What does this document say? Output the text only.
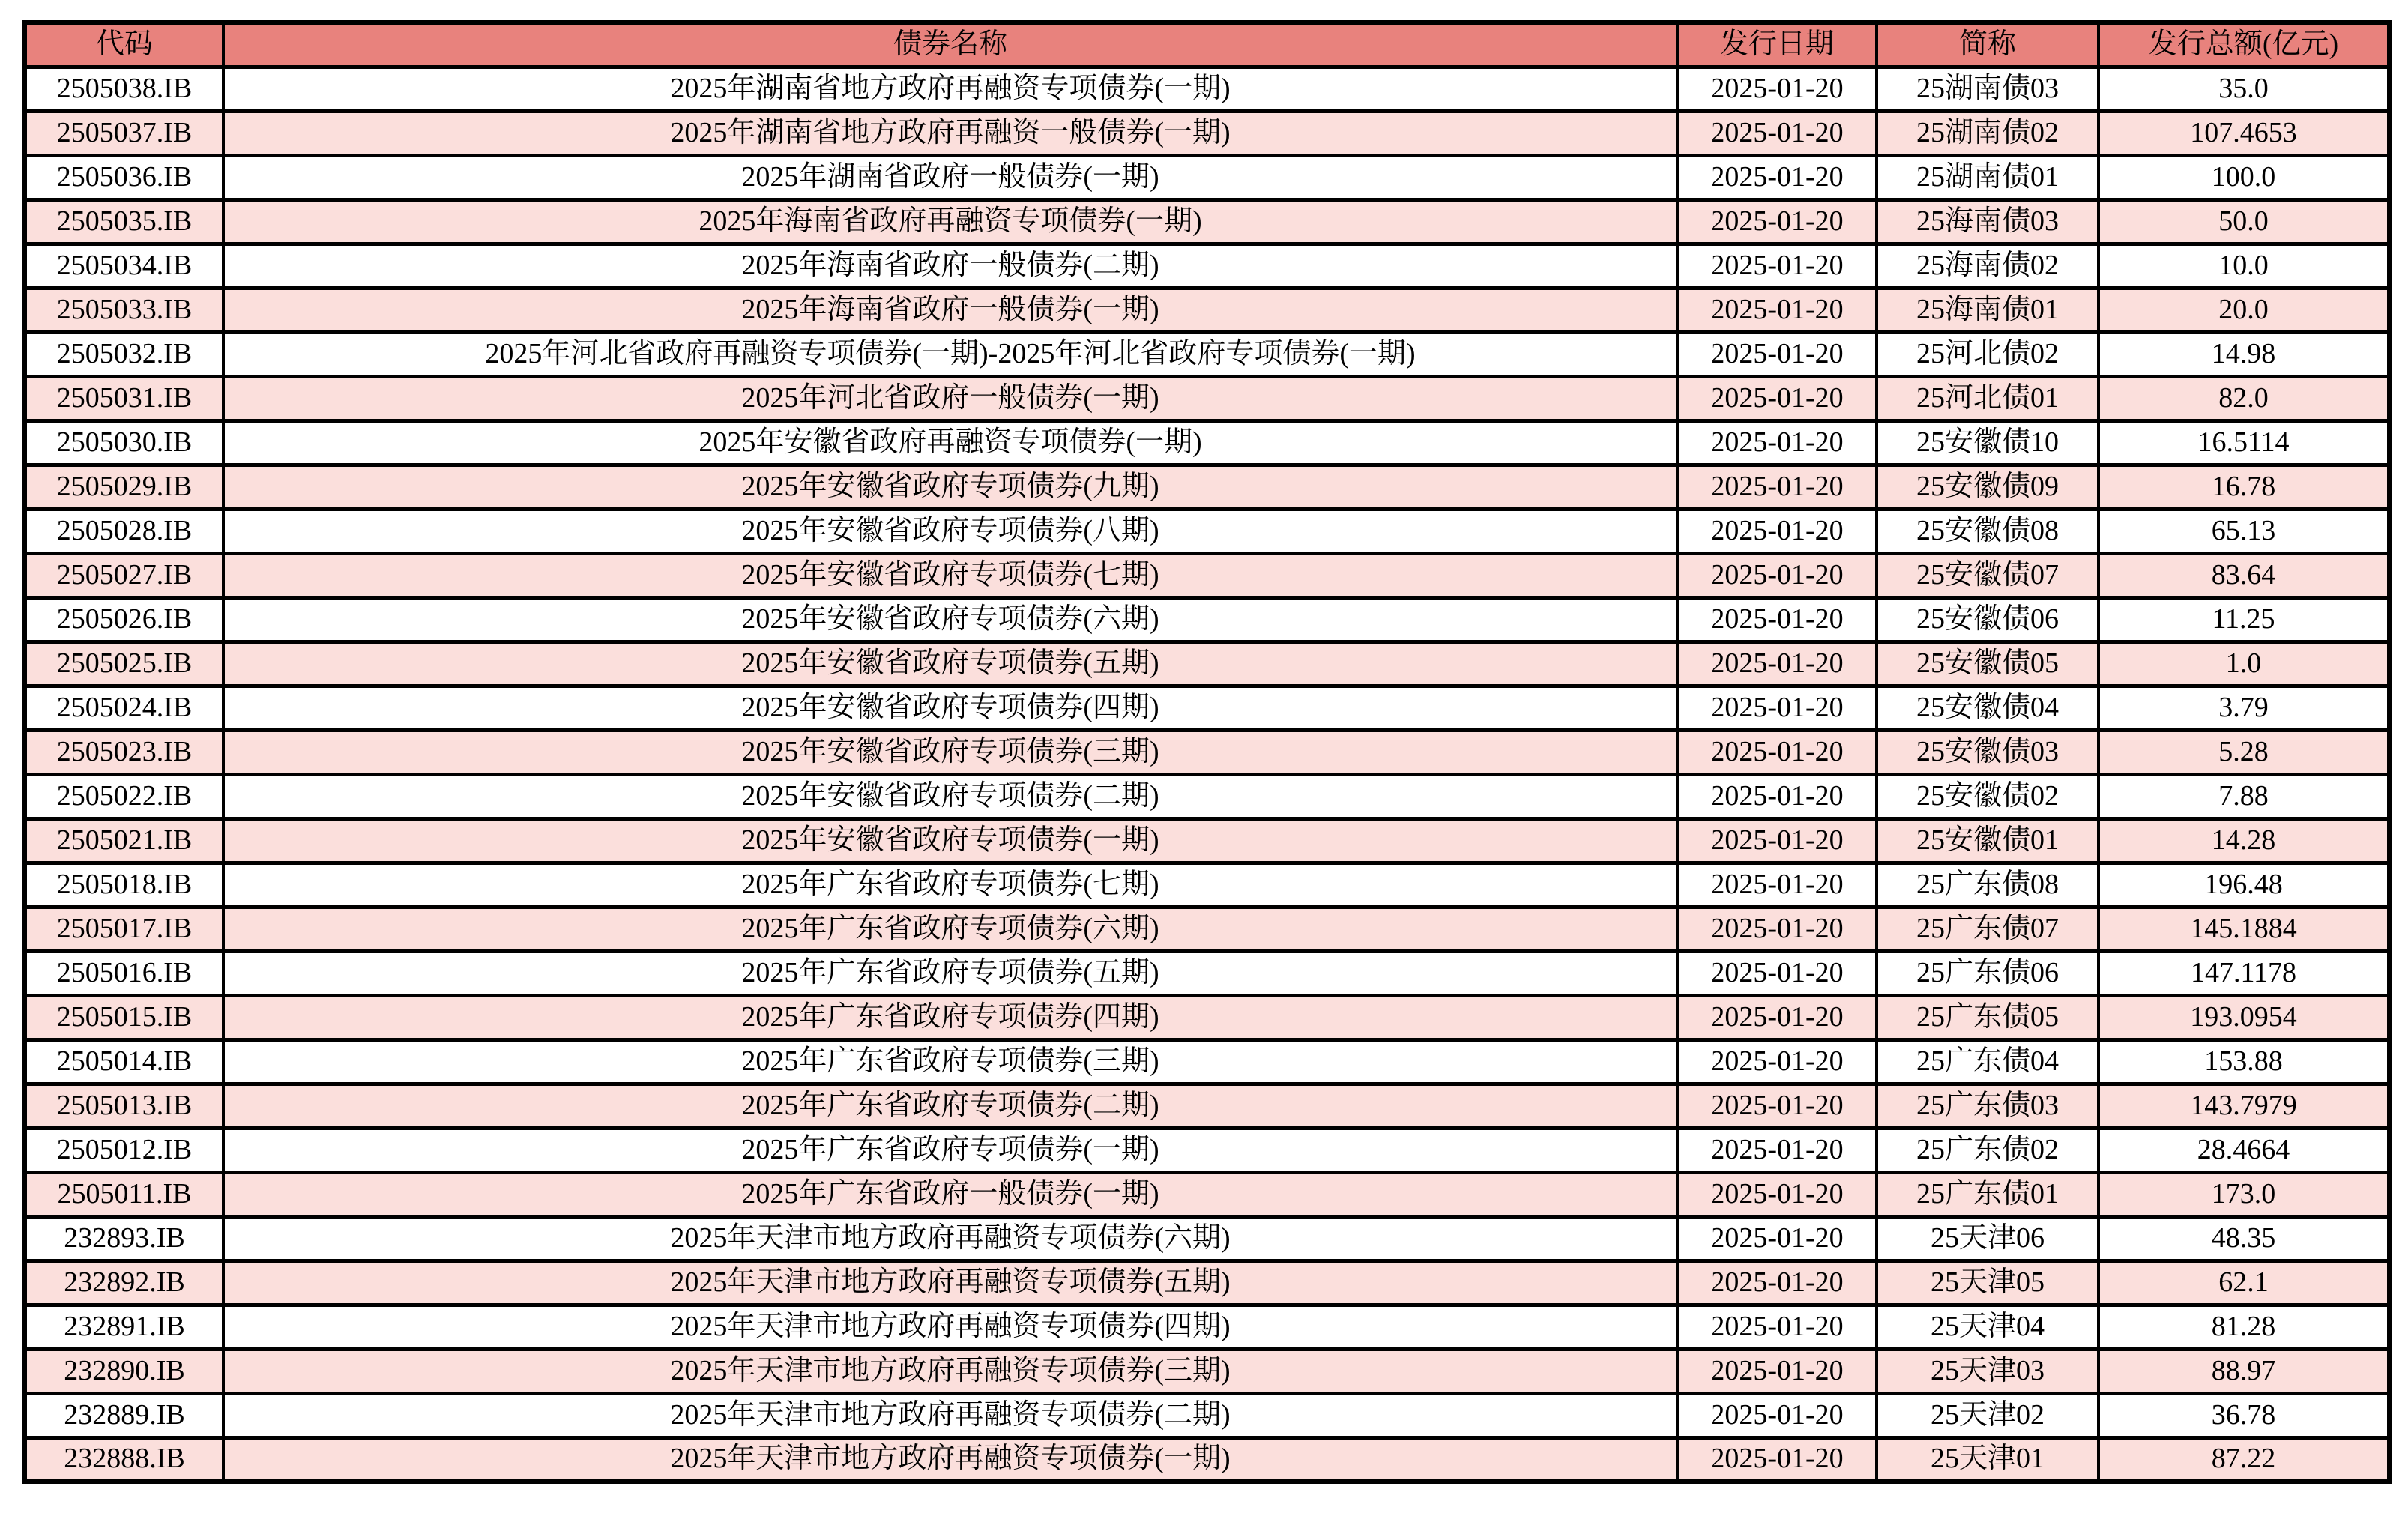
代码	债券名称	发行日期	简称	发行总额(亿元)
2505038.IB	2025年湖南省地方政府再融资专项债券(一期)	2025-01-20	25湖南债03	35.0
2505037.IB	2025年湖南省地方政府再融资一般债券(一期)	2025-01-20	25湖南债02	107.4653
2505036.IB	2025年湖南省政府一般债券(一期)	2025-01-20	25湖南债01	100.0
2505035.IB	2025年海南省政府再融资专项债券(一期)	2025-01-20	25海南债03	50.0
2505034.IB	2025年海南省政府一般债券(二期)	2025-01-20	25海南债02	10.0
2505033.IB	2025年海南省政府一般债券(一期)	2025-01-20	25海南债01	20.0
2505032.IB	2025年河北省政府再融资专项债券(一期)-2025年河北省政府专项债券(一期)	2025-01-20	25河北债02	14.98
2505031.IB	2025年河北省政府一般债券(一期)	2025-01-20	25河北债01	82.0
2505030.IB	2025年安徽省政府再融资专项债券(一期)	2025-01-20	25安徽债10	16.5114
2505029.IB	2025年安徽省政府专项债券(九期)	2025-01-20	25安徽债09	16.78
2505028.IB	2025年安徽省政府专项债券(八期)	2025-01-20	25安徽债08	65.13
2505027.IB	2025年安徽省政府专项债券(七期)	2025-01-20	25安徽债07	83.64
2505026.IB	2025年安徽省政府专项债券(六期)	2025-01-20	25安徽债06	11.25
2505025.IB	2025年安徽省政府专项债券(五期)	2025-01-20	25安徽债05	1.0
2505024.IB	2025年安徽省政府专项债券(四期)	2025-01-20	25安徽债04	3.79
2505023.IB	2025年安徽省政府专项债券(三期)	2025-01-20	25安徽债03	5.28
2505022.IB	2025年安徽省政府专项债券(二期)	2025-01-20	25安徽债02	7.88
2505021.IB	2025年安徽省政府专项债券(一期)	2025-01-20	25安徽债01	14.28
2505018.IB	2025年广东省政府专项债券(七期)	2025-01-20	25广东债08	196.48
2505017.IB	2025年广东省政府专项债券(六期)	2025-01-20	25广东债07	145.1884
2505016.IB	2025年广东省政府专项债券(五期)	2025-01-20	25广东债06	147.1178
2505015.IB	2025年广东省政府专项债券(四期)	2025-01-20	25广东债05	193.0954
2505014.IB	2025年广东省政府专项债券(三期)	2025-01-20	25广东债04	153.88
2505013.IB	2025年广东省政府专项债券(二期)	2025-01-20	25广东债03	143.7979
2505012.IB	2025年广东省政府专项债券(一期)	2025-01-20	25广东债02	28.4664
2505011.IB	2025年广东省政府一般债券(一期)	2025-01-20	25广东债01	173.0
232893.IB	2025年天津市地方政府再融资专项债券(六期)	2025-01-20	25天津06	48.35
232892.IB	2025年天津市地方政府再融资专项债券(五期)	2025-01-20	25天津05	62.1
232891.IB	2025年天津市地方政府再融资专项债券(四期)	2025-01-20	25天津04	81.28
232890.IB	2025年天津市地方政府再融资专项债券(三期)	2025-01-20	25天津03	88.97
232889.IB	2025年天津市地方政府再融资专项债券(二期)	2025-01-20	25天津02	36.78
232888.IB	2025年天津市地方政府再融资专项债券(一期)	2025-01-20	25天津01	87.22
